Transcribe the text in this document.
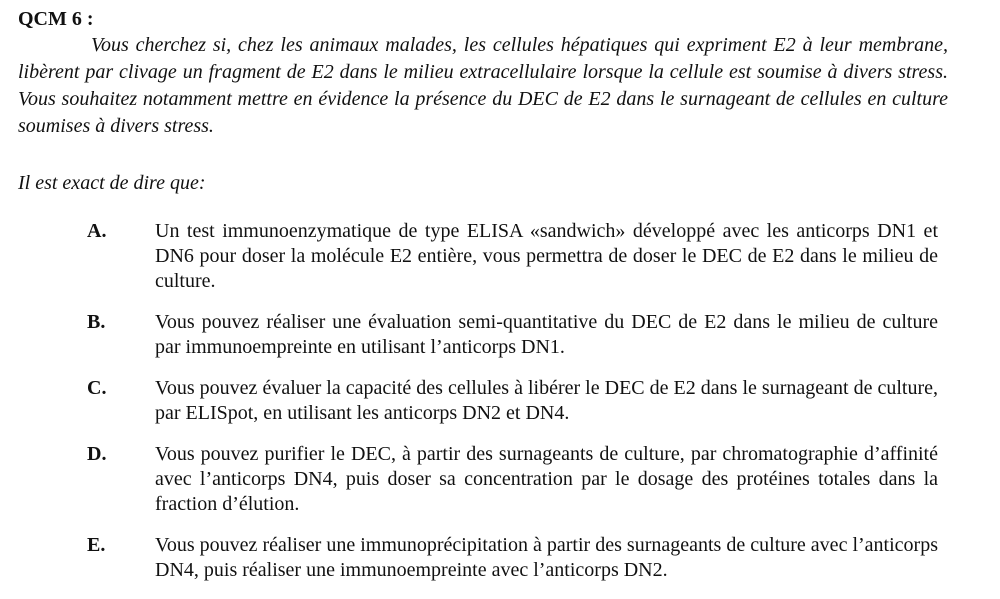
QCM 6 :

Vous cherchez si, chez les animaux malades, les cellules hépatiques qui expriment E2 à leur membrane, libèrent par clivage un fragment de E2 dans le milieu extracellulaire lorsque la cellule est soumise à divers stress. Vous souhaitez notamment mettre en évidence la présence du DEC de E2 dans le surnageant de cellules en culture soumises à divers stress.

Il est exact de dire que:

A. Un test immunoenzymatique de type ELISA «sandwich» développé avec les anticorps DN1 et DN6 pour doser la molécule E2 entière, vous permettra de doser le DEC de E2 dans le milieu de culture.
B. Vous pouvez réaliser une évaluation semi-quantitative du DEC de E2 dans le milieu de culture par immunoempreinte en utilisant l’anticorps DN1.
C. Vous pouvez évaluer la capacité des cellules à libérer le DEC de E2 dans le surnageant de culture, par ELISpot, en utilisant les anticorps DN2 et DN4.
D. Vous pouvez purifier le DEC, à partir des surnageants de culture, par chromatographie d’affinité avec l’anticorps DN4, puis doser sa concentration par le dosage des protéines totales dans la fraction d’élution.
E. Vous pouvez réaliser une immunoprécipitation à partir des surnageants de culture avec l’anticorps DN4, puis réaliser une immunoempreinte avec l’anticorps DN2.
